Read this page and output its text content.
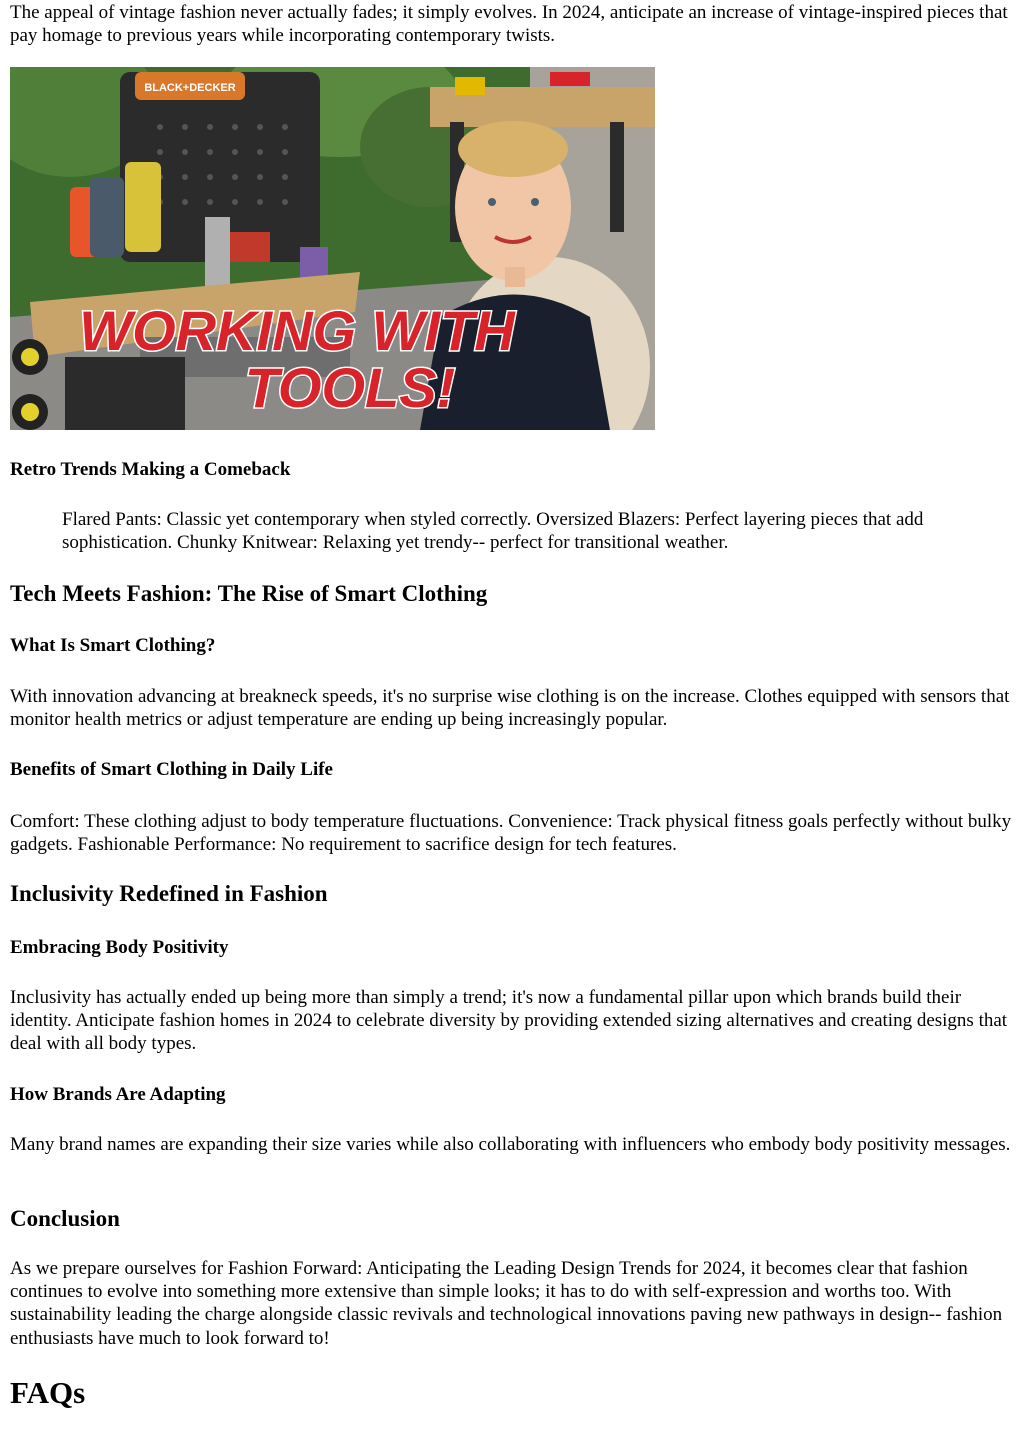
The appeal of vintage fashion never actually fades; it simply evolves. In 2024, anticipate an increase of vintage-inspired pieces that pay homage to previous years while incorporating contemporary twists.

BLACK+DECKER
WORKING WITH
TOOLS!
Retro Trends Making a Comeback

Flared Pants: Classic yet contemporary when styled correctly. Oversized Blazers: Perfect layering pieces that add sophistication. Chunky Knitwear: Relaxing yet trendy-- perfect for transitional weather.

Tech Meets Fashion: The Rise of Smart Clothing
What Is Smart Clothing?

With innovation advancing at breakneck speeds, it's no surprise wise clothing is on the increase. Clothes equipped with sensors that monitor health metrics or adjust temperature are ending up being increasingly popular.

Benefits of Smart Clothing in Daily Life

Comfort: These clothing adjust to body temperature fluctuations. Convenience: Track physical fitness goals perfectly without bulky gadgets. Fashionable Performance: No requirement to sacrifice design for tech features.

Inclusivity Redefined in Fashion
Embracing Body Positivity

Inclusivity has actually ended up being more than simply a trend; it's now a fundamental pillar upon which brands build their identity. Anticipate fashion homes in 2024 to celebrate diversity by providing extended sizing alternatives and creating designs that deal with all body types.

How Brands Are Adapting

Many brand names are expanding their size varies while also collaborating with influencers who embody body positivity messages.

Conclusion

As we prepare ourselves for Fashion Forward: Anticipating the Leading Design Trends for 2024, it becomes clear that fashion continues to evolve into something more extensive than simple looks; it has to do with self-expression and worths too. With sustainability leading the charge alongside classic revivals and technological innovations paving new pathways in design-- fashion enthusiasts have much to look forward to!

FAQs
